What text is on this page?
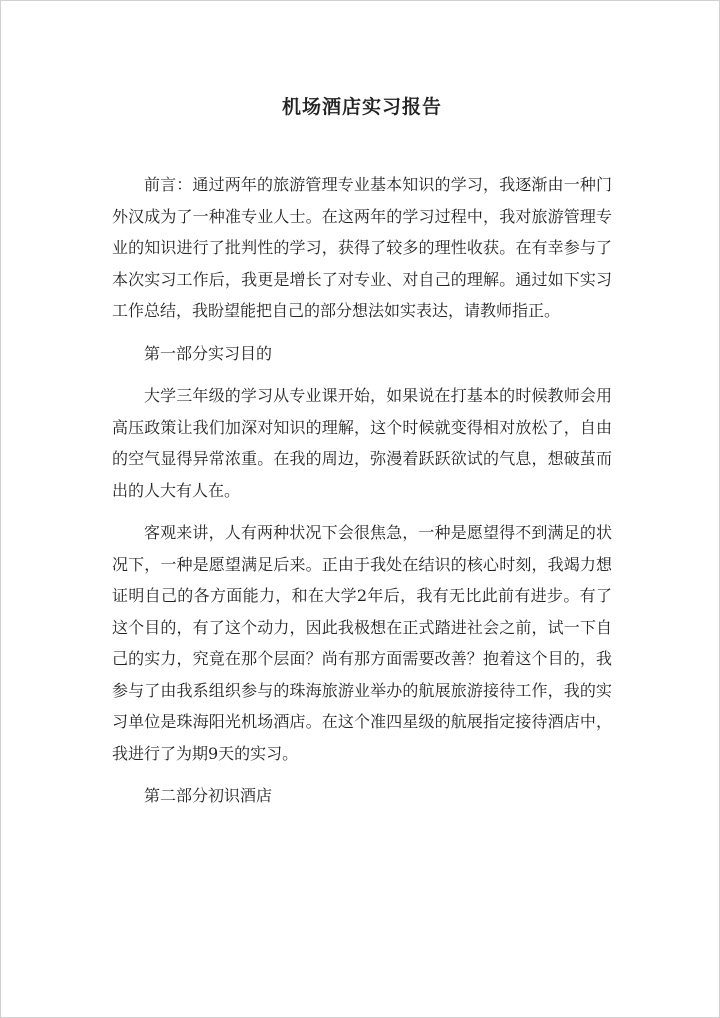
机场酒店实习报告

前言：通过两年的旅游管理专业基本知识的学习，我逐渐由一种门外汉成为了一种准专业人士。在这两年的学习过程中，我对旅游管理专业的知识进行了批判性的学习，获得了较多的理性收获。在有幸参与了本次实习工作后，我更是增长了对专业、对自己的理解。通过如下实习工作总结，我盼望能把自己的部分想法如实表达，请教师指正。

第一部分实习目的

大学三年级的学习从专业课开始，如果说在打基本的时候教师会用高压政策让我们加深对知识的理解，这个时候就变得相对放松了，自由的空气显得异常浓重。在我的周边，弥漫着跃跃欲试的气息，想破茧而出的人大有人在。

客观来讲，人有两种状况下会很焦急，一种是愿望得不到满足的状况下，一种是愿望满足后来。正由于我处在结识的核心时刻，我竭力想证明自己的各方面能力，和在大学2年后，我有无比此前有进步。有了这个目的，有了这个动力，因此我极想在正式踏进社会之前，试一下自己的实力，究竟在那个层面？尚有那方面需要改善？抱着这个目的，我参与了由我系组织参与的珠海旅游业举办的航展旅游接待工作，我的实习单位是珠海阳光机场酒店。在这个准四星级的航展指定接待酒店中，我进行了为期9天的实习。

第二部分初识酒店
